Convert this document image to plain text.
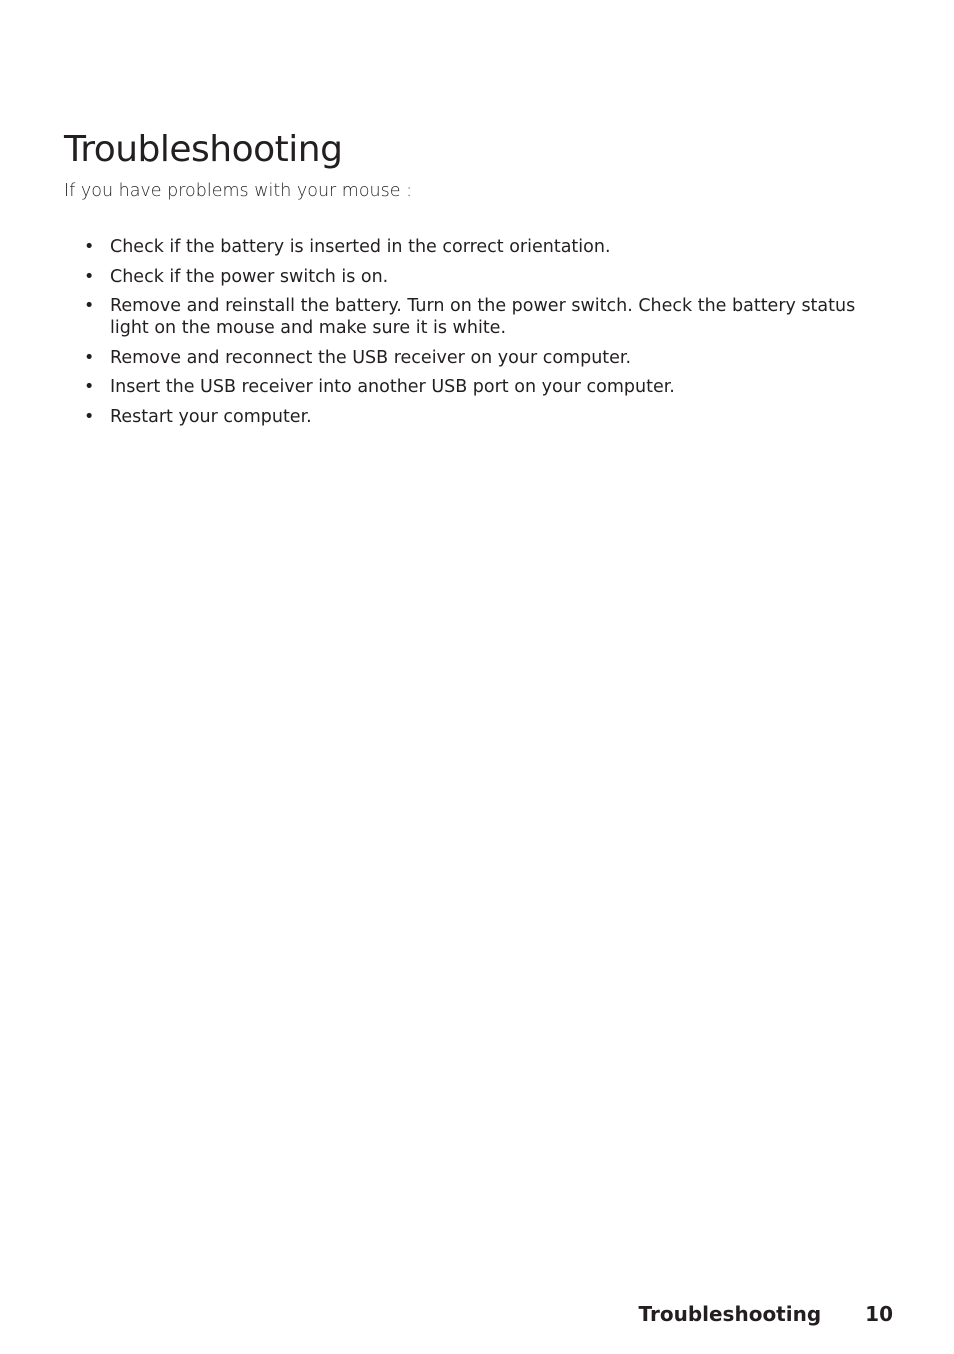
Troubleshooting

If you have problems with your mouse :

• Check if the battery is inserted in the correct orientation.
• Check if the power switch is on.
• Remove and reinstall the battery. Turn on the power switch. Check the battery status light on the mouse and make sure it is white.
• Remove and reconnect the USB receiver on your computer.
• Insert the USB receiver into another USB port on your computer.
• Restart your computer.
Troubleshooting 10
